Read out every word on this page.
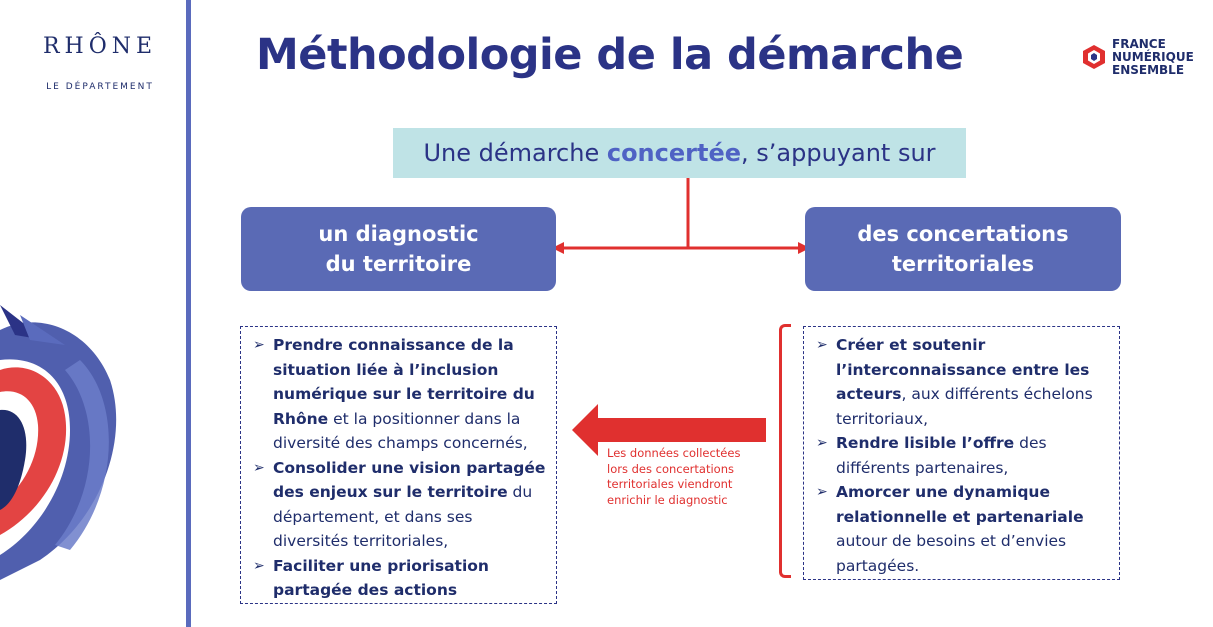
RHÔNE
LE DÉPARTEMENT
Méthodologie de la démarche	FRANCE
NUMÉRIQUE
ENSEMBLE
Une démarche concertée , s’appuyant sur
un diagnostic
du territoire
des concertations
territoriales
➢ Prendre connaissance de la situation liée à l’inclusion numérique sur le territoire du Rhône et la positionner dans la diversité des champs concernés,
➢ Consolider une vision partagée des enjeux sur le territoire du département, et dans ses diversités territoriales,
➢ Faciliter une priorisation partagée des actions
Les données collectées
lors des concertations
territoriales viendront
enrichir le diagnostic
➢ Créer et soutenir l’interconnaissance entre les acteurs, aux différents échelons territoriaux,
➢ Rendre lisible l’offre des différents partenaires,
➢ Amorcer une dynamique relationnelle et partenariale autour de besoins et d’envies partagées.
